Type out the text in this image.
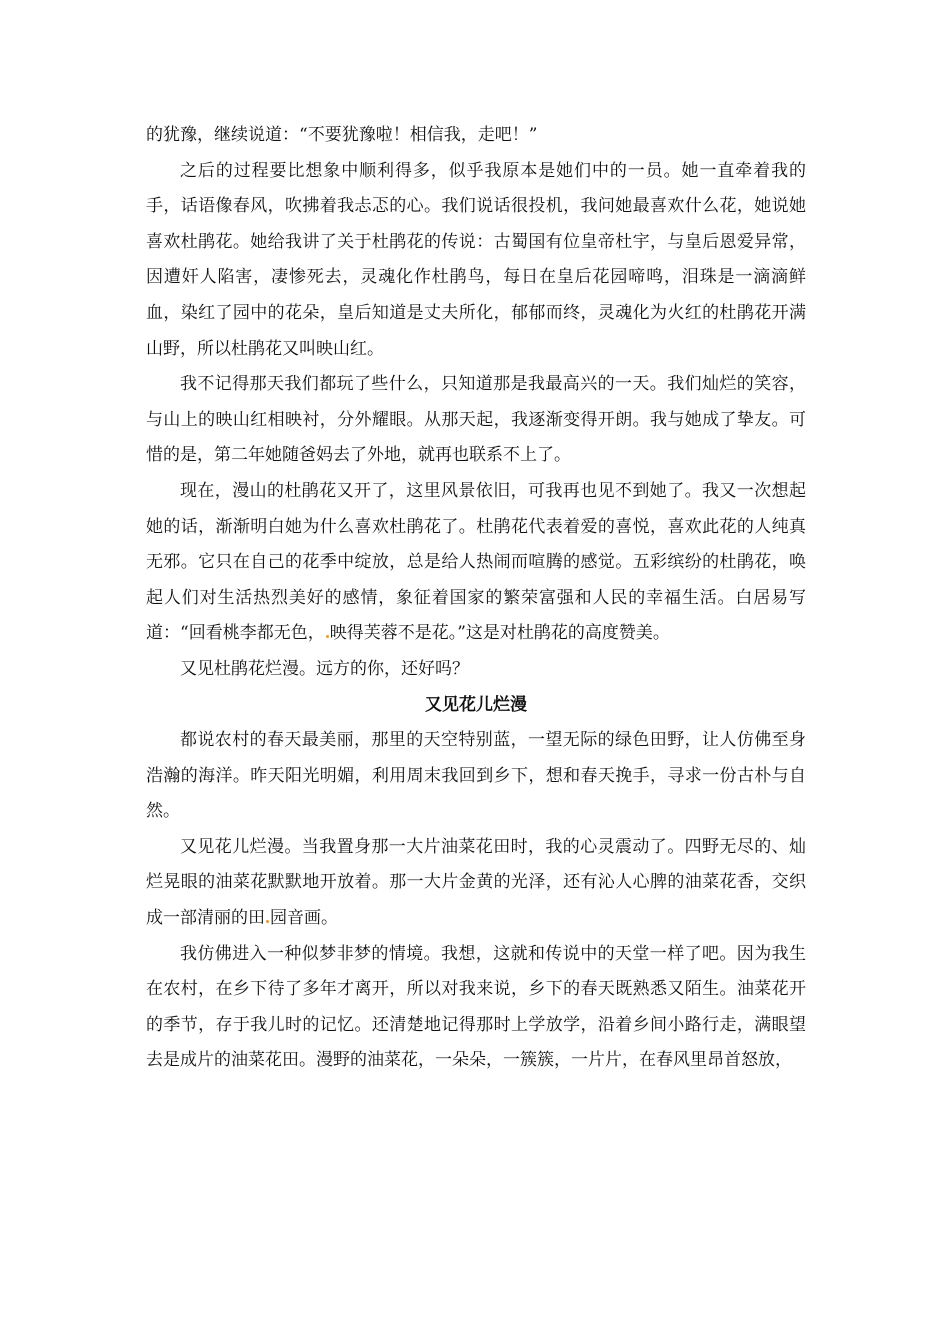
的犹豫，继续说道：“不要犹豫啦！相信我，走吧！”

之后的过程要比想象中顺利得多，似乎我原本是她们中的一员。她一直牵着我的手，话语像春风，吹拂着我忐忑的心。我们说话很投机，我问她最喜欢什么花，她说她喜欢杜鹃花。她给我讲了关于杜鹃花的传说：古蜀国有位皇帝杜宇，与皇后恩爱异常，因遭奸人陷害，凄惨死去，灵魂化作杜鹃鸟，每日在皇后花园啼鸣，泪珠是一滴滴鲜血，染红了园中的花朵，皇后知道是丈夫所化，郁郁而终，灵魂化为火红的杜鹃花开满山野，所以杜鹃花又叫映山红。

我不记得那天我们都玩了些什么，只知道那是我最高兴的一天。我们灿烂的笑容，与山上的映山红相映衬，分外耀眼。从那天起，我逐渐变得开朗。我与她成了挚友。可惜的是，第二年她随爸妈去了外地，就再也联系不上了。

现在，漫山的杜鹃花又开了，这里风景依旧，可我再也见不到她了。我又一次想起她的话，渐渐明白她为什么喜欢杜鹃花了。杜鹃花代表着爱的喜悦，喜欢此花的人纯真无邪。它只在自己的花季中绽放，总是给人热闹而喧腾的感觉。五彩缤纷的杜鹃花，唤起人们对生活热烈美好的感情，象征着国家的繁荣富强和人民的幸福生活。白居易写道：“回看桃李都无色， 映得芙蓉不是花。”这是对杜鹃花的高度赞美。

又见杜鹃花烂漫。远方的你，还好吗？

又见花儿烂漫

都说农村的春天最美丽，那里的天空特别蓝，一望无际的绿色田野，让人仿佛至身浩瀚的海洋。昨天阳光明媚，利用周末我回到乡下，想和春天挽手，寻求一份古朴与自然。

又见花儿烂漫。当我置身那一大片油菜花田时，我的心灵震动了。四野无尽的、灿烂晃眼的油菜花默默地开放着。那一大片金黄的光泽，还有沁人心脾的油菜花香，交织成一部清丽的田 园音画。

我仿佛进入一种似梦非梦的情境。我想，这就和传说中的天堂一样了吧。因为我生在农村，在乡下待了多年才离开，所以对我来说，乡下的春天既熟悉又陌生。油菜花开的季节，存于我儿时的记忆。还清楚地记得那时上学放学，沿着乡间小路行走，满眼望去是成片的油菜花田。漫野的油菜花，一朵朵，一簇簇，一片片，在春风里昂首怒放，
